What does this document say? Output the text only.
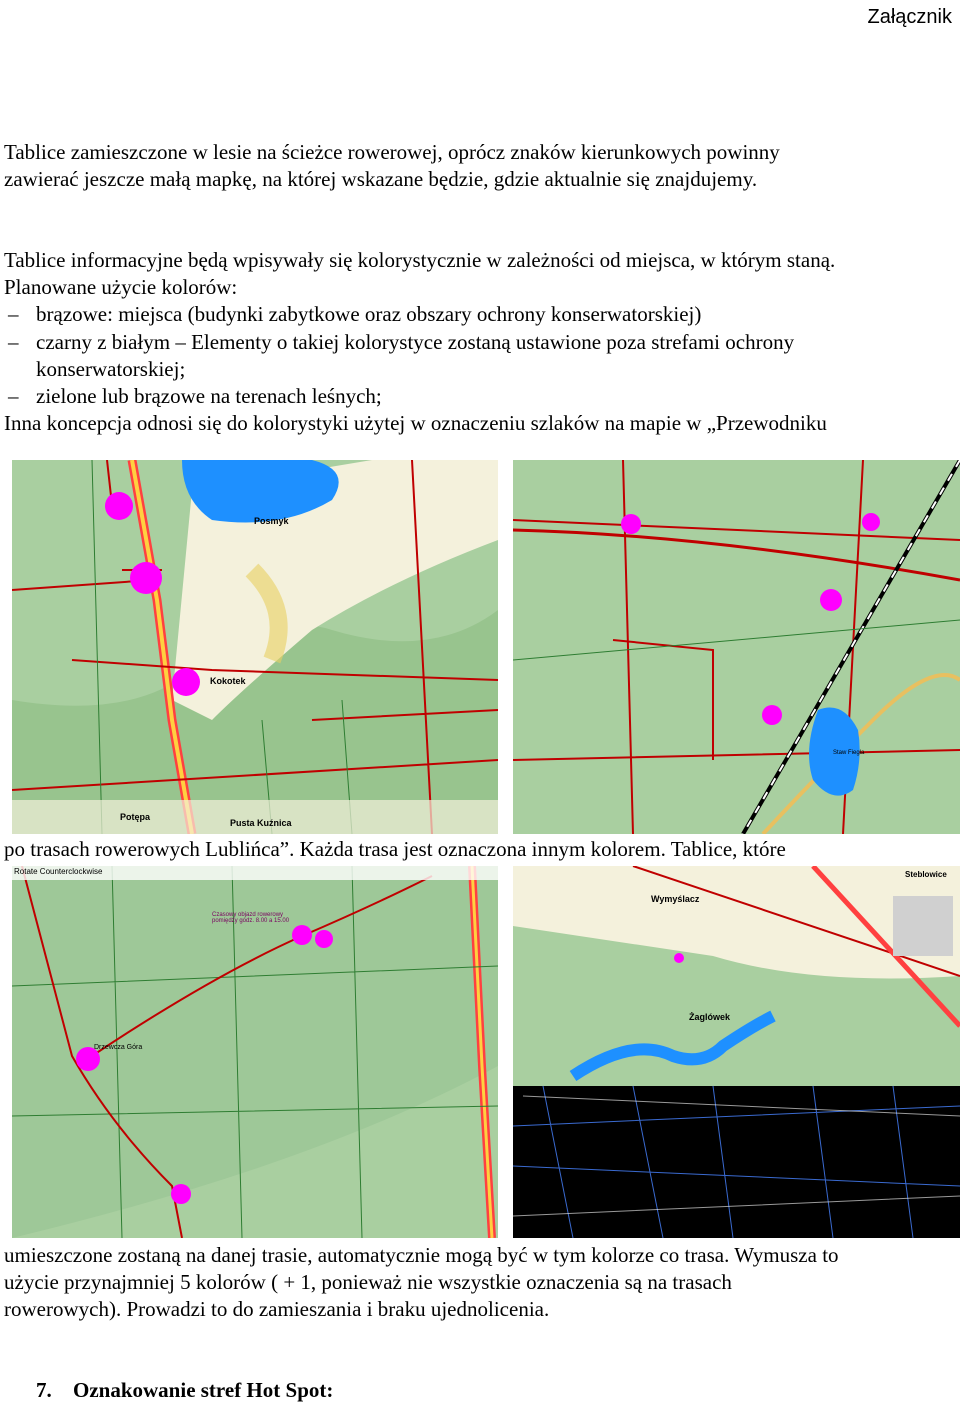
Załącznik
Tablice zamieszczone w lesie na ścieżce rowerowej, oprócz znaków kierunkowych powinny
zawierać jeszcze małą mapkę, na której wskazane będzie, gdzie aktualnie się znajdujemy.
Tablice informacyjne będą wpisywały się kolorystycznie w zależności od miejsca, w którym staną.
Planowane użycie kolorów:
– brązowe: miejsca (budynki zabytkowe oraz obszary ochrony konserwatorskiej)
– czarny z białym – Elementy o takiej kolorystyce zostaną ustawione poza strefami ochrony
konserwatorskiej;
– zielone lub brązowe na terenach leśnych;
Inna koncepcja odnosi się do kolorystyki użytej w oznaczeniu szlaków na mapie w „Przewodniku
Posmyk
Kokotek
Potępa
Pusta Kuźnica
Staw Fiegla
po trasach rowerowych Lublińca”. Każda trasa jest oznaczona innym kolorem. Tablice, które
Rotate Counterclockwise
Drzewcza Góra
Czasowy objazd rowerowy pomiędzy godz. 8.00 a 15.00
Wymyślacz
Żaglówek
Steblowice
umieszczone zostaną na danej trasie, automatycznie mogą być w tym kolorze co trasa. Wymusza to
użycie przynajmniej 5 kolorów ( + 1, ponieważ nie wszystkie oznaczenia są na trasach
rowerowych). Prowadzi to do zamieszania i braku ujednolicenia.
7. Oznakowanie stref Hot Spot:
